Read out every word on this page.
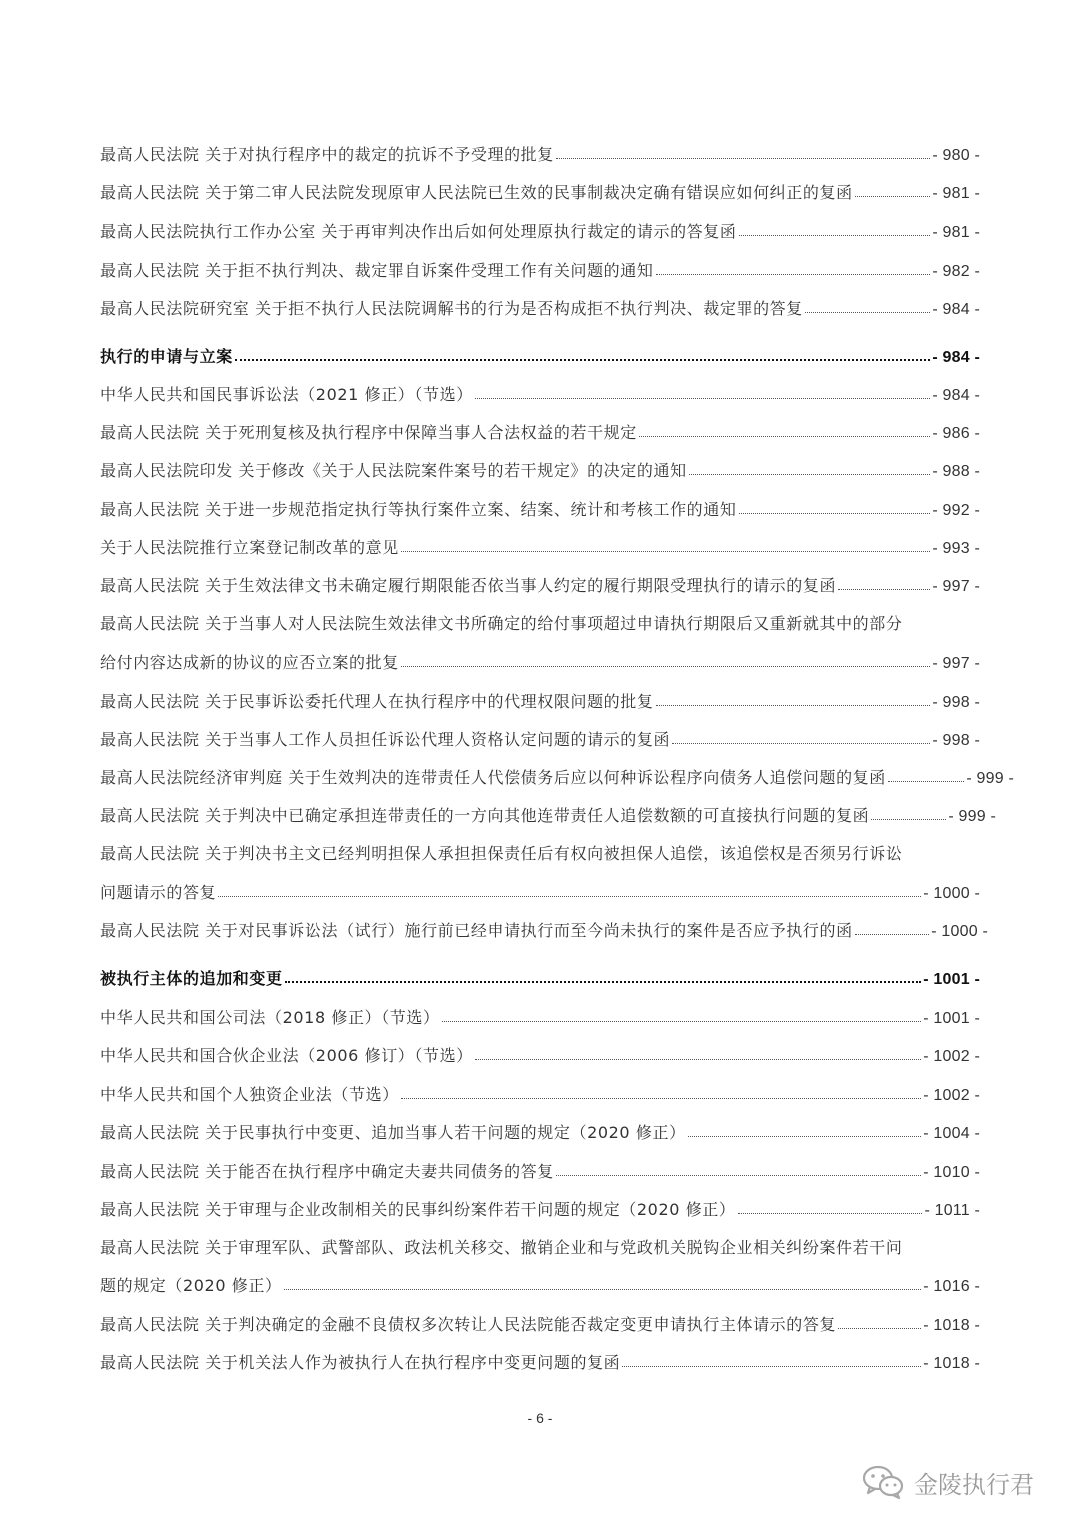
最高人民法院 关于对执行程序中的裁定的抗诉不予受理的批复	- 980 -
最高人民法院 关于第二审人民法院发现原审人民法院已生效的民事制裁决定确有错误应如何纠正的复函	- 981 -
最高人民法院执行工作办公室 关于再审判决作出后如何处理原执行裁定的请示的答复函	- 981 -
最高人民法院 关于拒不执行判决、裁定罪自诉案件受理工作有关问题的通知	- 982 -
最高人民法院研究室 关于拒不执行人民法院调解书的行为是否构成拒不执行判决、裁定罪的答复	- 984 -
执行的申请与立案	- 984 -
中华人民共和国民事诉讼法（2021 修正）（节选）	- 984 -
最高人民法院 关于死刑复核及执行程序中保障当事人合法权益的若干规定	- 986 -
最高人民法院印发 关于修改《关于人民法院案件案号的若干规定》的决定的通知	- 988 -
最高人民法院 关于进一步规范指定执行等执行案件立案、结案、统计和考核工作的通知	- 992 -
关于人民法院推行立案登记制改革的意见	- 993 -
最高人民法院 关于生效法律文书未确定履行期限能否依当事人约定的履行期限受理执行的请示的复函	- 997 -
最高人民法院 关于当事人对人民法院生效法律文书所确定的给付事项超过申请执行期限后又重新就其中的部分
给付内容达成新的协议的应否立案的批复	- 997 -
最高人民法院 关于民事诉讼委托代理人在执行程序中的代理权限问题的批复	- 998 -
最高人民法院 关于当事人工作人员担任诉讼代理人资格认定问题的请示的复函	- 998 -
最高人民法院经济审判庭 关于生效判决的连带责任人代偿债务后应以何种诉讼程序向债务人追偿问题的复函	- 999 -
最高人民法院 关于判决中已确定承担连带责任的一方向其他连带责任人追偿数额的可直接执行问题的复函	- 999 -
最高人民法院 关于判决书主文已经判明担保人承担担保责任后有权向被担保人追偿，该追偿权是否须另行诉讼
问题请示的答复	- 1000 -
最高人民法院 关于对民事诉讼法（试行）施行前已经申请执行而至今尚未执行的案件是否应予执行的函	- 1000 -
被执行主体的追加和变更	- 1001 -
中华人民共和国公司法（2018 修正）（节选）	- 1001 -
中华人民共和国合伙企业法（2006 修订）（节选）	- 1002 -
中华人民共和国个人独资企业法（节选）	- 1002 -
最高人民法院 关于民事执行中变更、追加当事人若干问题的规定（2020 修正）	- 1004 -
最高人民法院 关于能否在执行程序中确定夫妻共同债务的答复	- 1010 -
最高人民法院 关于审理与企业改制相关的民事纠纷案件若干问题的规定（2020 修正）	- 1011 -
最高人民法院 关于审理军队、武警部队、政法机关移交、撤销企业和与党政机关脱钩企业相关纠纷案件若干问
题的规定（2020 修正）	- 1016 -
最高人民法院 关于判决确定的金融不良债权多次转让人民法院能否裁定变更申请执行主体请示的答复	- 1018 -
最高人民法院 关于机关法人作为被执行人在执行程序中变更问题的复函	- 1018 -
- 6 -
金陵执行君
